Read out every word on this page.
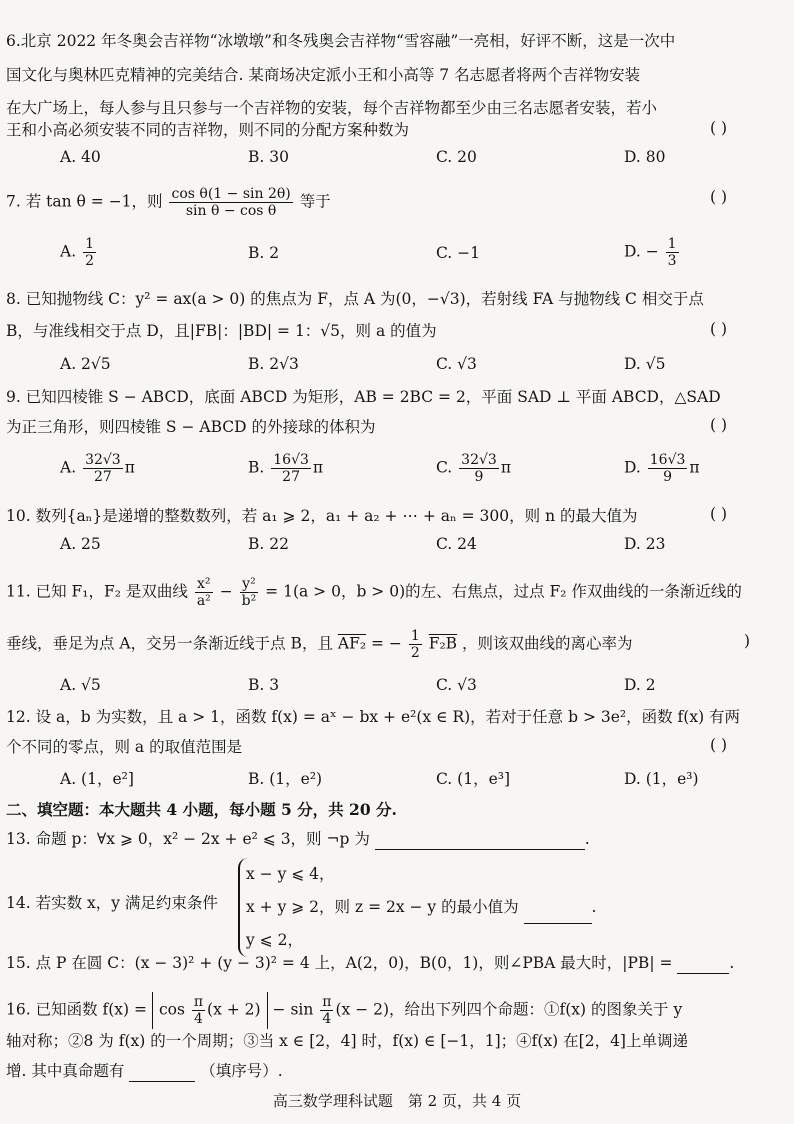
6.北京 2022 年冬奥会吉祥物“冰墩墩”和冬残奥会吉祥物“雪容融”一亮相，好评不断，这是一次中
国文化与奥林匹克精神的完美结合. 某商场决定派小王和小高等 7 名志愿者将两个吉祥物安装
在大广场上，每人参与且只参与一个吉祥物的安装，每个吉祥物都至少由三名志愿者安装，若小
王和小高必须安装不同的吉祥物，则不同的分配方案种数为	( )
A. 40	B. 30	C. 20	D. 80
7. 若 tan θ = −1，则 $\frac{\text{cos θ(1 − sin 2θ)}}{\text{sin θ − cos θ}}$ 等于	( )
A. $\frac{1}{2}$	B. 2	C. −1	D. − $\frac{1}{3}$
8. 已知抛物线 C：y² = ax(a > 0) 的焦点为 F，点 A 为(0，−√3)，若射线 FA 与抛物线 C 相交于点
B，与准线相交于点 D，且|FB|：|BD| = 1：√5，则 a 的值为	( )
A. 2√5	B. 2√3	C. √3	D. √5
9. 已知四棱锥 S − ABCD，底面 ABCD 为矩形，AB = 2BC = 2，平面 SAD ⊥ 平面 ABCD，△SAD
为正三角形，则四棱锥 S − ABCD 的外接球的体积为	( )
A. $\frac{32√3}{27}$ π	B. $\frac{16√3}{27}$ π	C. $\frac{32√3}{9}$ π	D. $\frac{16√3}{9}$ π
10. 数列{aₙ}是递增的整数数列，若 a₁ ⩾ 2，a₁ + a₂ + ⋯ + aₙ = 300，则 n 的最大值为	( )
A. 25	B. 22	C. 24	D. 23
11. 已知 F₁，F₂ 是双曲线 $\frac{\text{x²}}{\text{a²}} - \frac{\text{y²}}{\text{b²}} = 1(a > 0$，b > 0)的左、右焦点，过点 F₂ 作双曲线的一条渐近线的
垂线，垂足为点 A，交另一条渐近线于点 B，且 AF₂ = − $\frac{1}{2} F_2B$ ，则该双曲线的离心率为	)
A. √5	B. 3	C. √3	D. 2
12. 设 a，b 为实数，且 a > 1，函数 f(x) = aˣ − bx + e²(x ∈ R)，若对于任意 b > 3e²，函数 f(x) 有两
个不同的零点，则 a 的取值范围是	( )
A. (1，e²]	B. (1，e²)	C. (1，e³]	D. (1，e³)
二、填空题：本大题共 4 小题，每小题 5 分，共 20 分.
13. 命题 p：∀x ⩾ 0，x² − 2x + e² ⩽ 3，则 ¬p 为	.
14. 若实数 x，y 满足约束条件
x − y ⩽ 4，
x + y ⩾ 2，则 z = 2x − y 的最小值为	.
y ⩽ 2，
15. 点 P 在圆 C：(x − 3)² + (y − 3)² = 4 上，A(2，0)，B(0，1)，则∠PBA 最大时，|PB| =	.
16. 已知函数 $f(x) = \cos \frac{\pi}{4} (x + 2) - \sin \frac{\pi}{4} (x - 2)$，给出下列四个命题：①f(x) 的图象关于 y
轴对称；②8 为 f(x) 的一个周期；③当 x ∈ [2，4] 时，f(x) ∈ [−1，1]；④f(x) 在[2，4]上单调递
增. 其中真命题有	（填序号）.
高三数学理科试题　第 2 页，共 4 页
